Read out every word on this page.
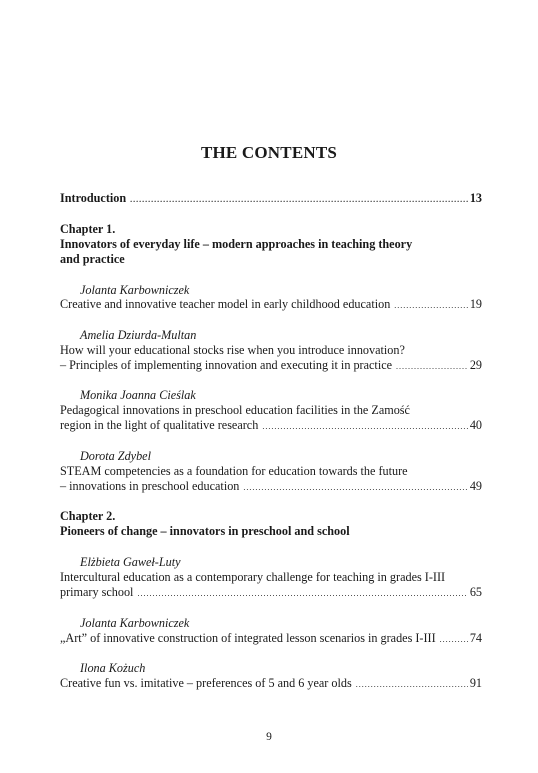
THE CONTENTS
Introduction .....	13
Chapter 1.
Innovators of everyday life – modern approaches in teaching theory
and practice
Jolanta Karbowniczek
Creative and innovative teacher model in early childhood education .....	19
Amelia Dziurda-Multan
How will your educational stocks rise when you introduce innovation?
– Principles of implementing innovation and executing it in practice .....	29
Monika Joanna Cieślak
Pedagogical innovations in preschool education facilities in the Zamość
region in the light of qualitative research .....	40
Dorota Zdybel
STEAM competencies as a foundation for education towards the future
– innovations in preschool education .....	49
Chapter 2.
Pioneers of change – innovators in preschool and school
Elżbieta Gaweł-Luty
Intercultural education as a contemporary challenge for teaching in grades I-III
primary school .....	65
Jolanta Karbowniczek
„Art” of innovative construction of integrated lesson scenarios in grades I-III .....	74
Ilona Kożuch
Creative fun vs. imitative – preferences of 5 and 6 year olds .....	91
9
